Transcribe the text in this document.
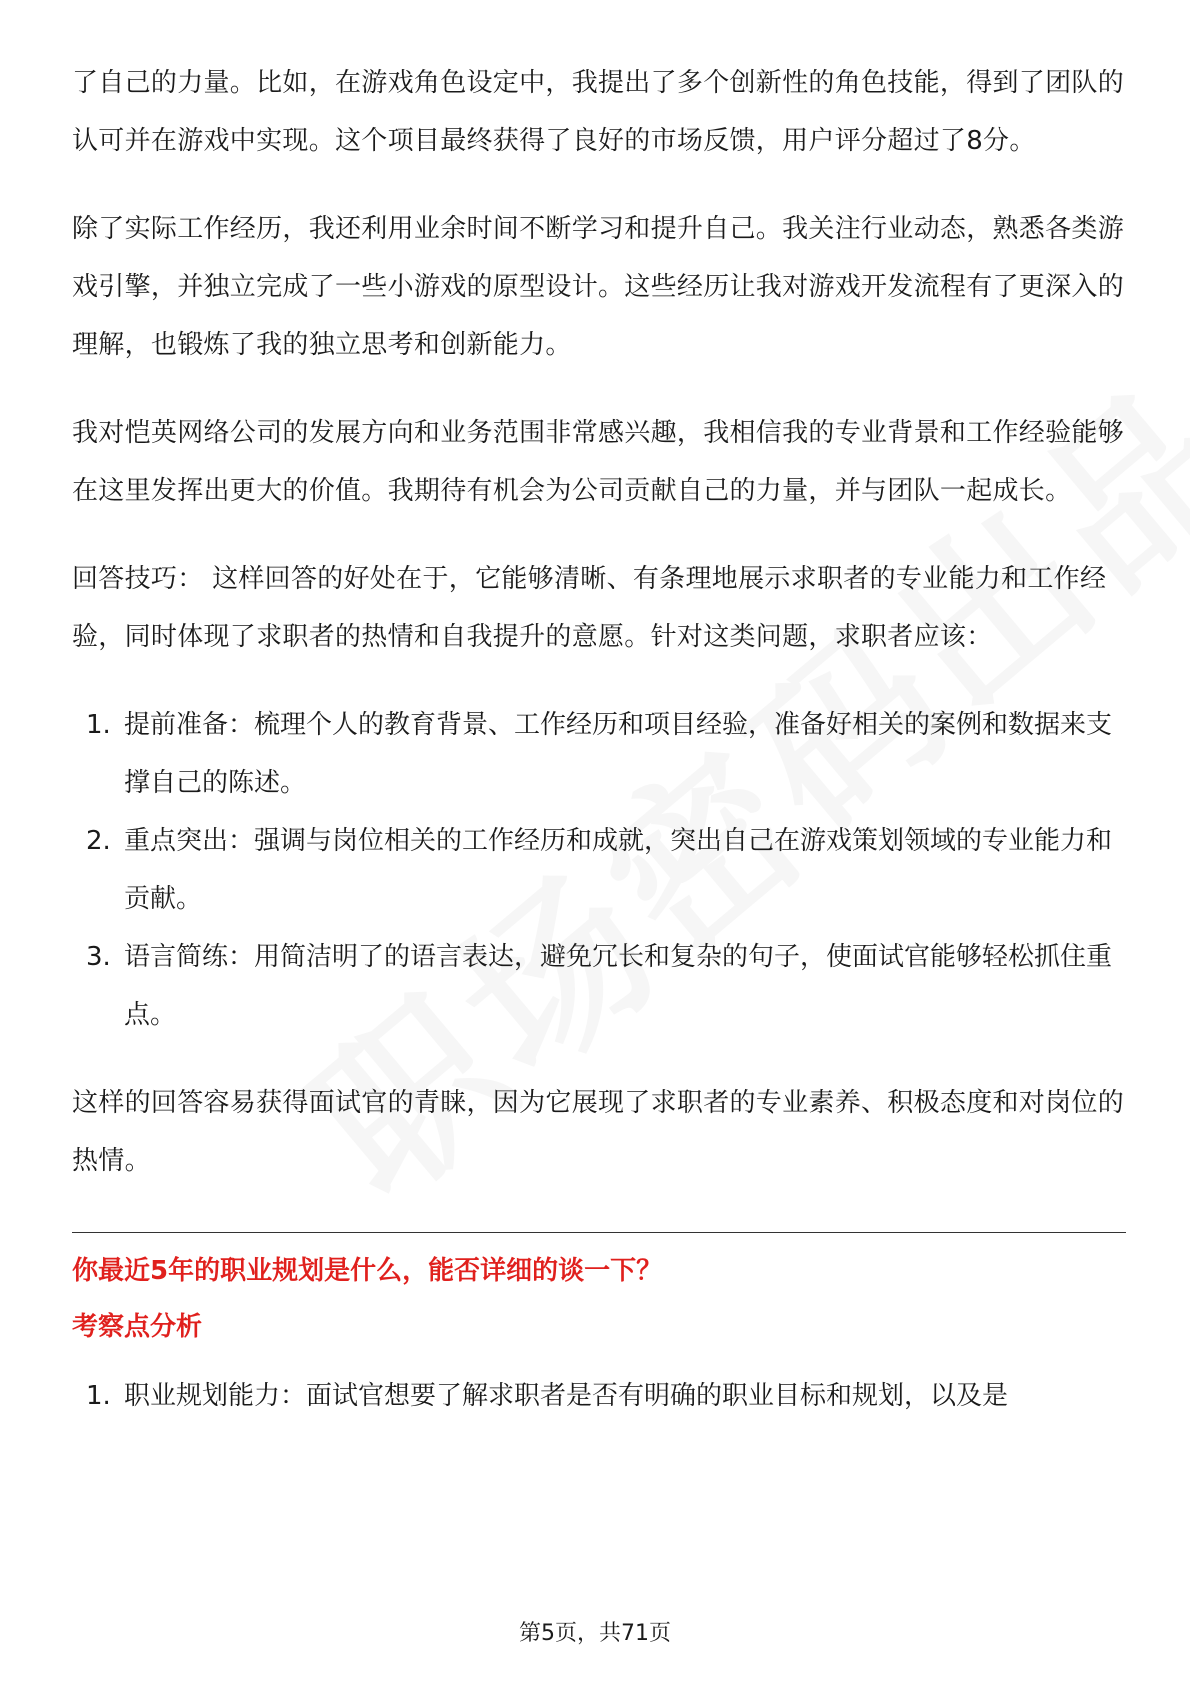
了自己的力量。比如，在游戏角色设定中，我提出了多个创新性的角色技能，得到了团队的认可并在游戏中实现。这个项目最终获得了良好的市场反馈，用户评分超过了8分。

除了实际工作经历，我还利用业余时间不断学习和提升自己。我关注行业动态，熟悉各类游戏引擎，并独立完成了一些小游戏的原型设计。这些经历让我对游戏开发流程有了更深入的理解，也锻炼了我的独立思考和创新能力。

我对恺英网络公司的发展方向和业务范围非常感兴趣，我相信我的专业背景和工作经验能够在这里发挥出更大的价值。我期待有机会为公司贡献自己的力量，并与团队一起成长。

回答技巧： 这样回答的好处在于，它能够清晰、有条理地展示求职者的专业能力和工作经验，同时体现了求职者的热情和自我提升的意愿。针对这类问题，求职者应该：

1. 提前准备：梳理个人的教育背景、工作经历和项目经验，准备好相关的案例和数据来支撑自己的陈述。
2. 重点突出：强调与岗位相关的工作经历和成就，突出自己在游戏策划领域的专业能力和贡献。
3. 语言简练：用简洁明了的语言表达，避免冗长和复杂的句子，使面试官能够轻松抓住重点。

这样的回答容易获得面试官的青睐，因为它展现了求职者的专业素养、积极态度和对岗位的热情。

你最近5年的职业规划是什么，能否详细的谈一下？

考察点分析

1. 职业规划能力：面试官想要了解求职者是否有明确的职业目标和规划，以及是
第5页，共71页
